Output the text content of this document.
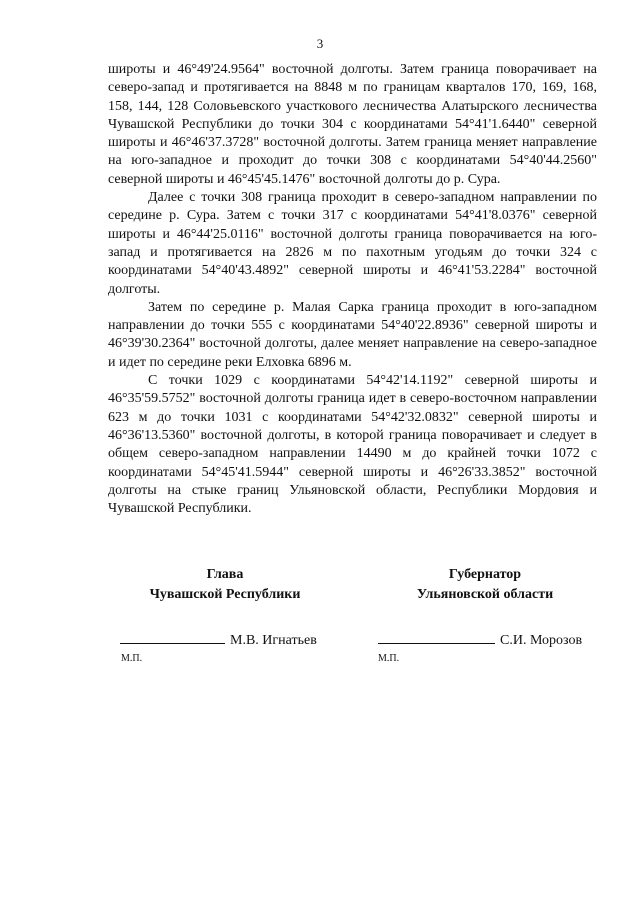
3

широты и 46°49'24.9564" восточной долготы. Затем граница поворачивает на северо-запад и протягивается на 8848 м по границам кварталов 170, 169, 168, 158, 144, 128 Соловьевского участкового лесничества Алатырского лесничества Чувашской Республики до точки 304 с координатами 54°41'1.6440" северной широты и 46°46'37.3728" восточной долготы. Затем граница меняет направление на юго-западное и проходит до точки 308 с координатами 54°40'44.2560" северной широты и 46°45'45.1476" восточной долготы до р. Сура.

Далее с точки 308 граница проходит в северо-западном направлении по середине р. Сура. Затем с точки 317 с координатами 54°41'8.0376" северной широты и 46°44'25.0116" восточной долготы граница поворачивается на юго-запад и протягивается на 2826 м по пахотным угодьям до точки 324 с координатами 54°40'43.4892" северной широты и 46°41'53.2284" восточной долготы.

Затем по середине р. Малая Сарка граница проходит в юго-западном направлении до точки 555 с координатами 54°40'22.8936" северной широты и 46°39'30.2364" восточной долготы, далее меняет направление на северо-западное и идет по середине реки Елховка 6896 м.

С точки 1029 с координатами 54°42'14.1192" северной широты и 46°35'59.5752" восточной долготы граница идет в северо-восточном направлении 623 м до точки 1031 с координатами 54°42'32.0832" северной широты и 46°36'13.5360" восточной долготы, в которой граница поворачивает и следует в общем северо-западном направлении 14490 м до крайней точки 1072 с координатами 54°45'41.5944" северной широты и 46°26'33.3852" восточной долготы на стыке границ Ульяновской области, Республики Мордовия и Чувашской Республики.

Глава
Чувашской Республики
Губернатор
Ульяновской области
М.В. Игнатьев	С.И. Морозов
М.П.	М.П.
